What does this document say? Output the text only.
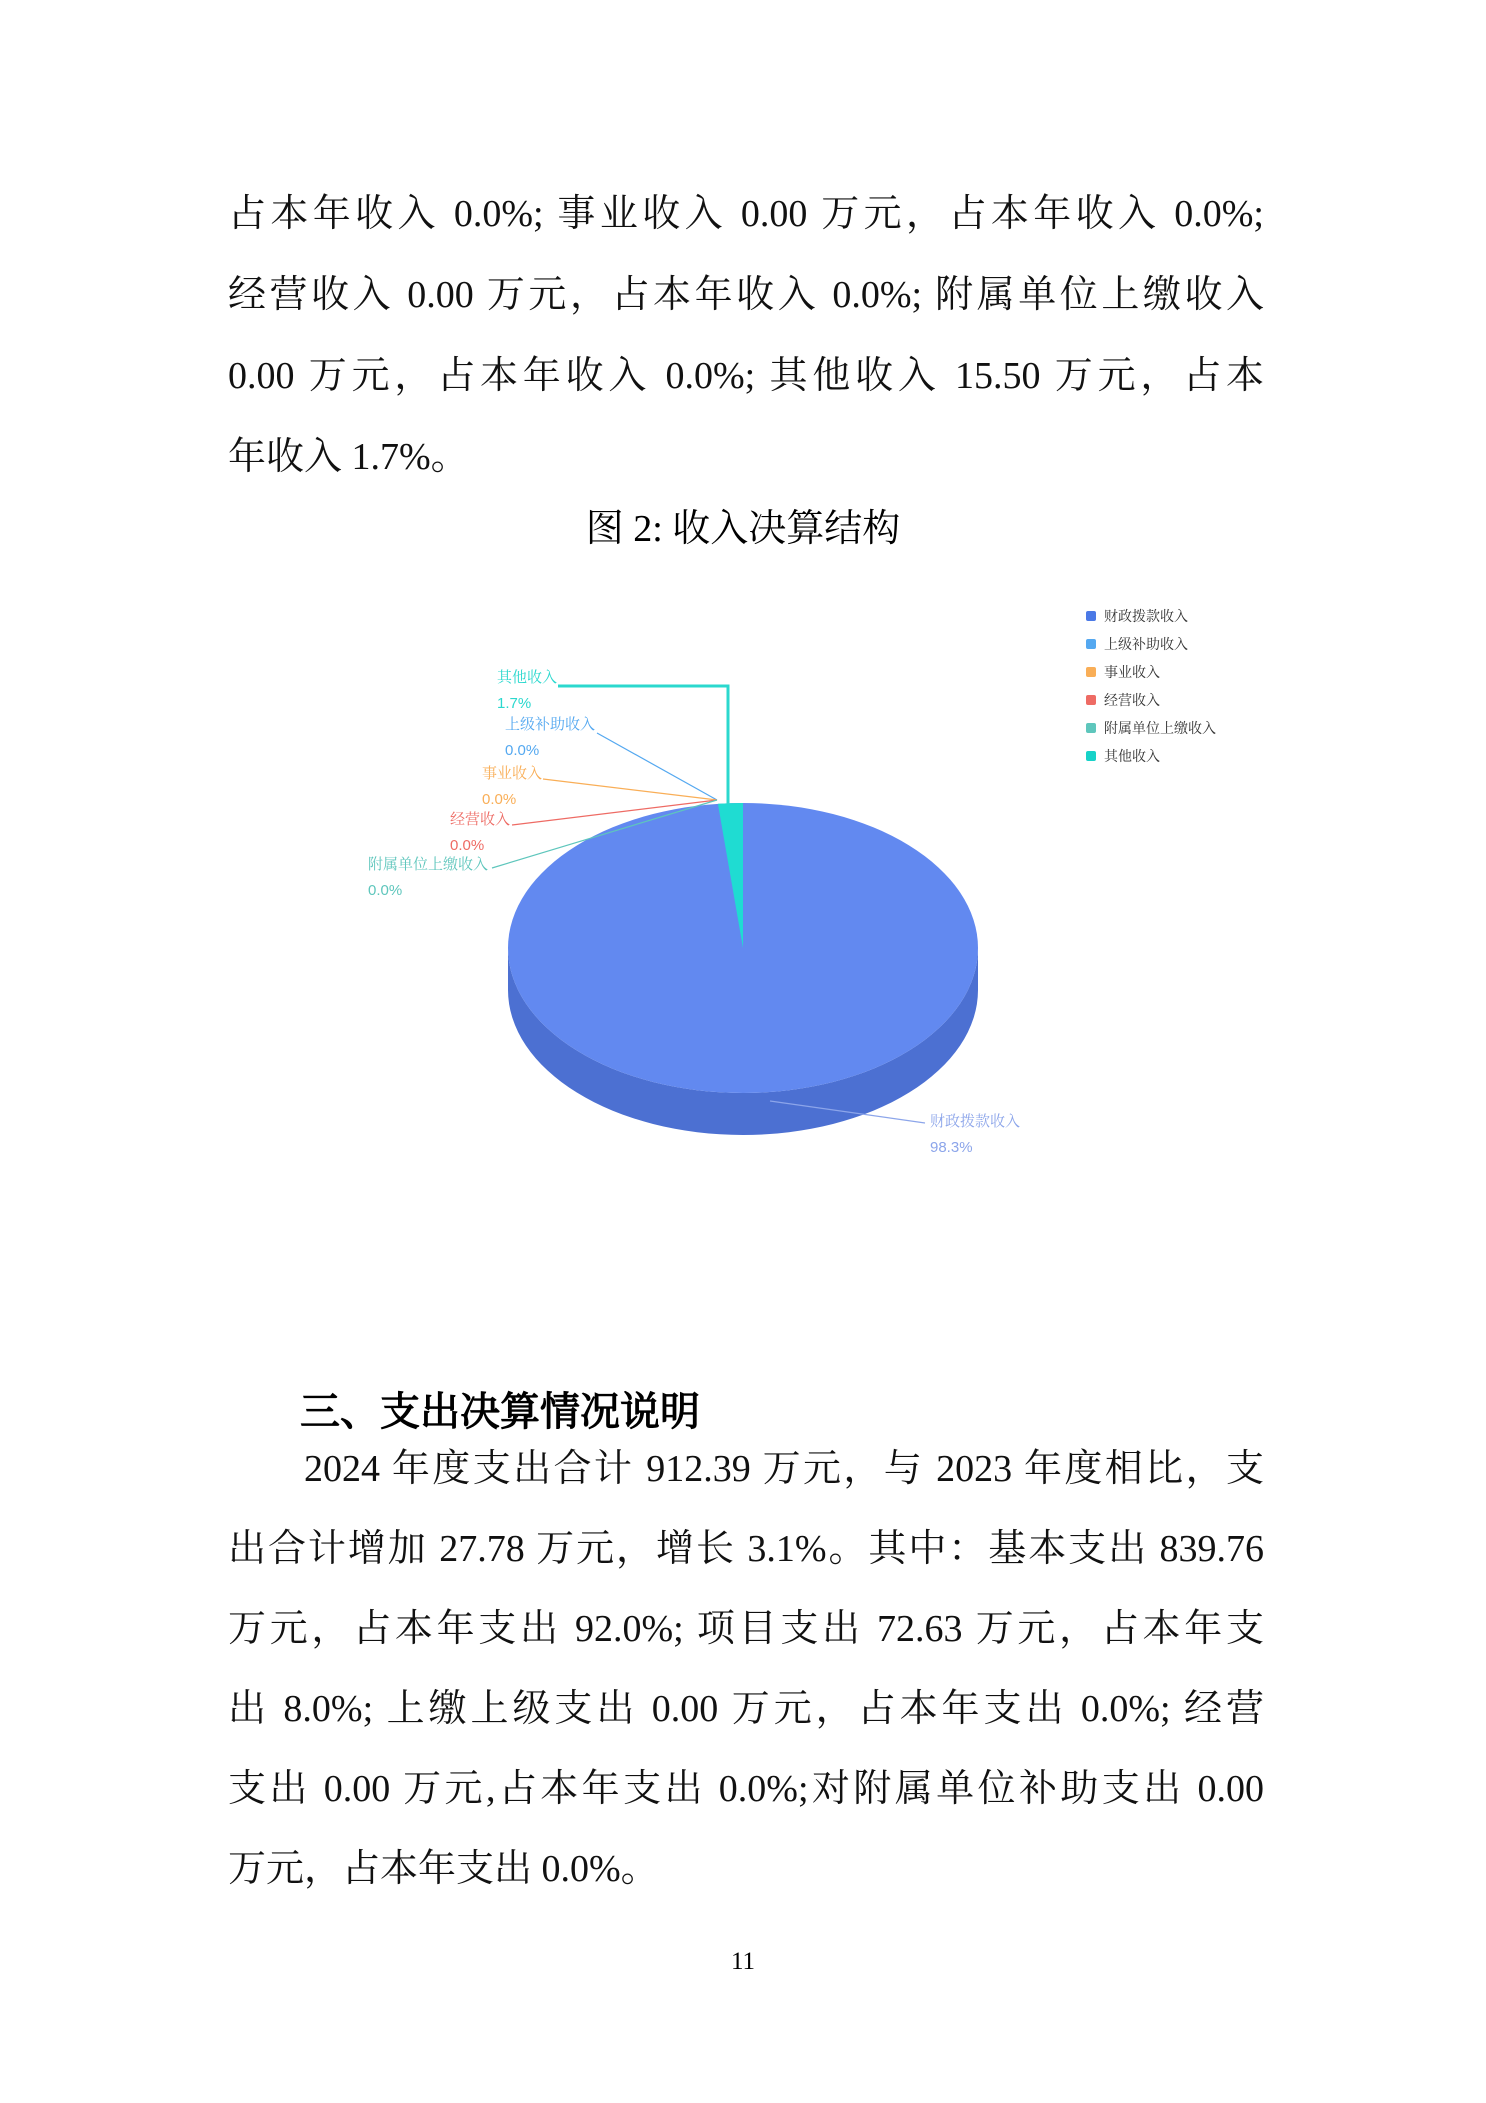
占本年收入 0.0%; 事业收入 0.00 万元，占本年收入 0.0%;
经营收入 0.00 万元，占本年收入 0.0%; 附属单位上缴收入
0.00 万元，占本年收入 0.0%; 其他收入 15.50 万元，占本
年收入 1.7%。
图 2: 收入决算结构
财政拨款收入
上级补助收入
事业收入
经营收入
附属单位上缴收入
其他收入
其他收入
1.7%
上级补助收入
0.0%
事业收入
0.0%
经营收入
0.0%
附属单位上缴收入
0.0%
财政拨款收入
98.3%
三、支出决算情况说明
2024 年度支出合计 912.39 万元，与 2023 年度相比，支
出合计增加 27.78 万元，增长 3.1%。其中：基本支出 839.76
万元，占本年支出 92.0%; 项目支出 72.63 万元，占本年支
出 8.0%; 上缴上级支出 0.00 万元，占本年支出 0.0%; 经营
支出 0.00 万元,占本年支出 0.0%;对附属单位补助支出 0.00
万元，占本年支出 0.0%。
11
